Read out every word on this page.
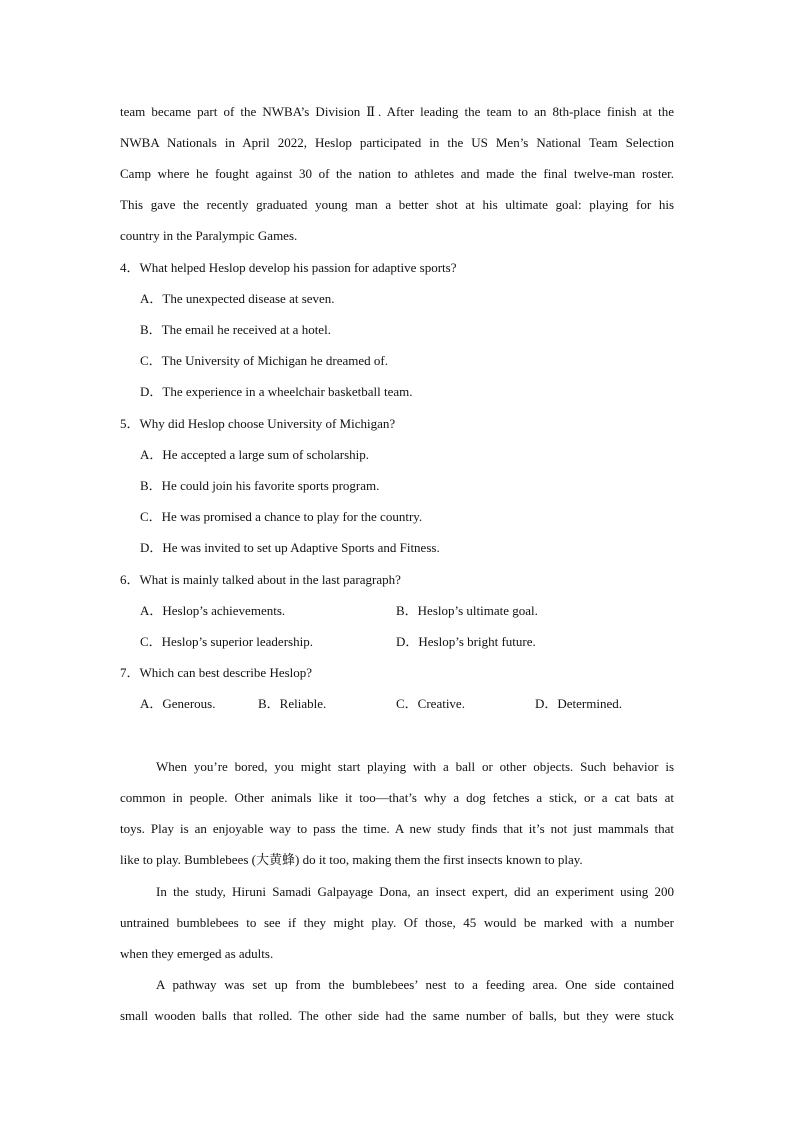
team became part of the NWBA’s Division Ⅱ. After leading the team to an 8th-place finish at the
NWBA Nationals in April 2022, Heslop participated in the US Men’s National Team Selection
Camp where he fought against 30 of the nation to athletes and made the final twelve-man roster.
This gave the recently graduated young man a better shot at his ultimate goal: playing for his
country in the Paralympic Games.
4．What helped Heslop develop his passion for adaptive sports?
A．The unexpected disease at seven.
B．The email he received at a hotel.
C．The University of Michigan he dreamed of.
D．The experience in a wheelchair basketball team.
5．Why did Heslop choose University of Michigan?
A．He accepted a large sum of scholarship.
B．He could join his favorite sports program.
C．He was promised a chance to play for the country.
D．He was invited to set up Adaptive Sports and Fitness.
6．What is mainly talked about in the last paragraph?
A．Heslop’s achievements.	B．Heslop’s ultimate goal.
C．Heslop’s superior leadership.	D．Heslop’s bright future.
7．Which can best describe Heslop?
A．Generous.	B．Reliable.	C．Creative.	D．Determined.
When you’re bored, you might start playing with a ball or other objects. Such behavior is
common in people. Other animals like it too—that’s why a dog fetches a stick, or a cat bats at
toys. Play is an enjoyable way to pass the time. A new study finds that it’s not just mammals that
like to play. Bumblebees (大黄蜂) do it too, making them the first insects known to play.
In the study, Hiruni Samadi Galpayage Dona, an insect expert, did an experiment using 200
untrained bumblebees to see if they might play. Of those, 45 would be marked with a number
when they emerged as adults.
A pathway was set up from the bumblebees’ nest to a feeding area. One side contained
small wooden balls that rolled. The other side had the same number of balls, but they were stuck
